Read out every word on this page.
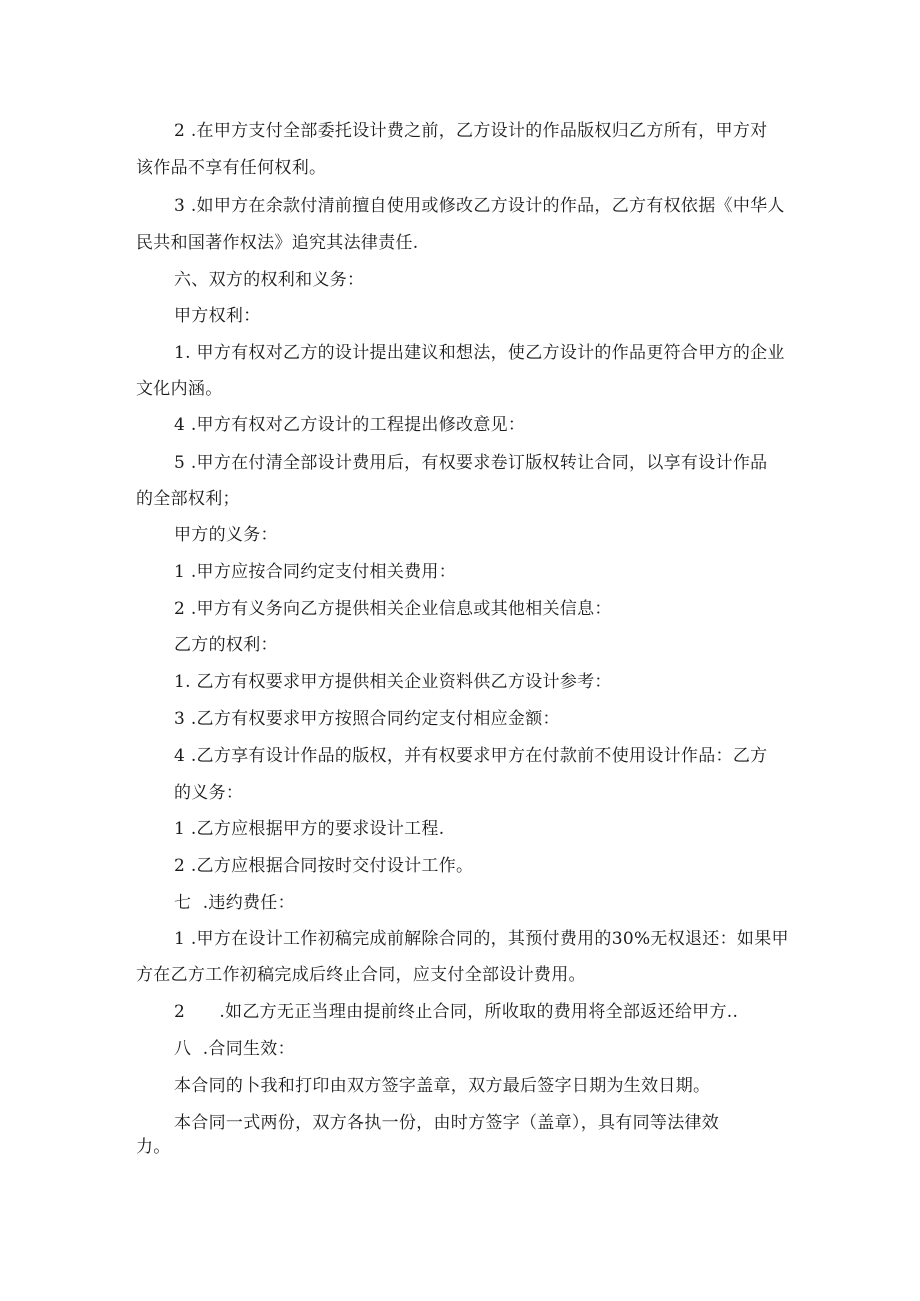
2 .在甲方支付全部委托设计费之前，乙方设计的作品版权归乙方所有，甲方对
该作品不享有任何权利。
3 .如甲方在余款付清前擅自使用或修改乙方设计的作品，乙方有权依据《中华人
民共和国著作权法》追究其法律责任.
六、双方的权利和义务：
甲方权利：
1. 甲方有权对乙方的设计提出建议和想法，使乙方设计的作品更符合甲方的企业
文化内涵。
4 .甲方有权对乙方设计的工程提出修改意见：
5 .甲方在付清全部设计费用后，有权要求卷订版权转让合同，以享有设计作品
的全部权利；
甲方的义务：
1 .甲方应按合同约定支付相关费用：
2 .甲方有义务向乙方提供相关企业信息或其他相关信息：
乙方的权利：
1. 乙方有权要求甲方提供相关企业资料供乙方设计参考：
3 .乙方有权要求甲方按照合同约定支付相应金额：
4 .乙方享有设计作品的版权，并有权要求甲方在付款前不使用设计作品：乙方
的义务：
1 .乙方应根据甲方的要求设计工程.
2 .乙方应根据合同按时交付设计工作。
七  .违约费任：
1 .甲方在设计工作初稿完成前解除合同的，其预付费用的30%无权退还：如果甲
方在乙方工作初稿完成后终止合同，应支付全部设计费用。
2      .如乙方无正当理由提前终止合同，所收取的费用将全部返还给甲方..
八  .合同生效：
本合同的卜我和打印由双方签字盖章，双方最后签字日期为生效日期。
本合同一式两份，双方各执一份，由时方签字（盖章），具有同等法律效
力。
